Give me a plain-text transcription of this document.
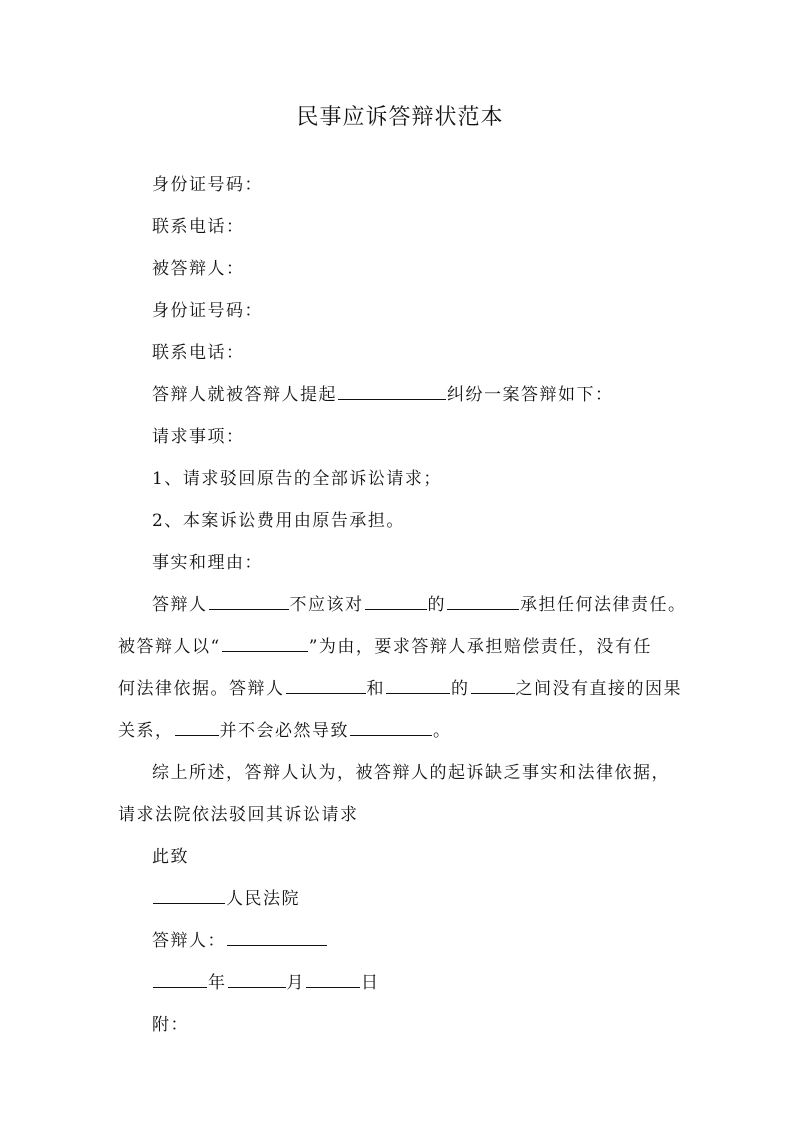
民事应诉答辩状范本
身份证号码：
联系电话：
被答辩人：
身份证号码：
联系电话：
答辩人就被答辩人提起	纠纷一案答辩如下：
请求事项：
1、请求驳回原告的全部诉讼请求；
2、本案诉讼费用由原告承担。
事实和理由：
答辩人	不应该对	的	承担任何法律责任。
被答辩人以“	”为由，要求答辩人承担赔偿责任，没有任
何法律依据。答辩人	和	的	之间没有直接的因果
关系，	并不会必然导致	。
综上所述，答辩人认为，被答辩人的起诉缺乏事实和法律依据，
请求法院依法驳回其诉讼请求
此致
人民法院
答辩人：
年	月	日
附：
